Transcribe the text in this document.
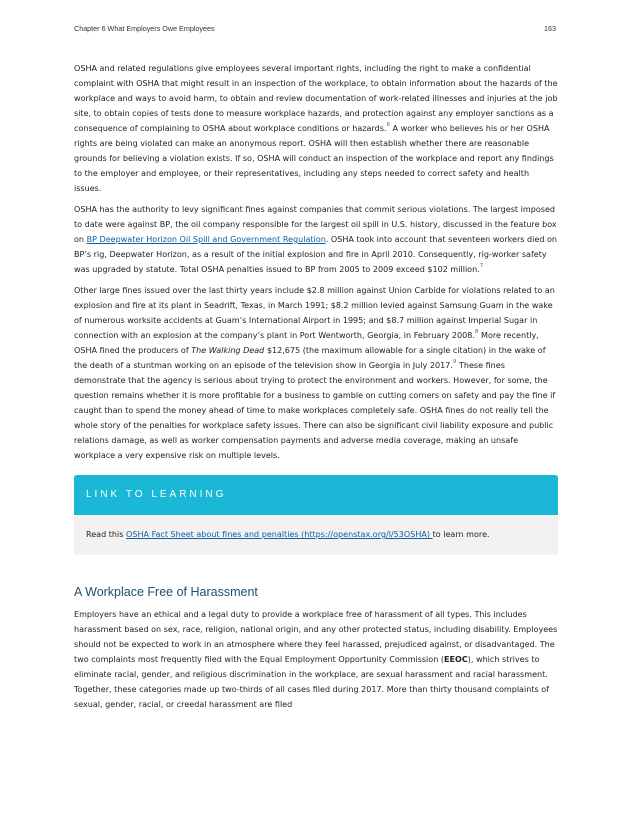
Chapter 6 What Employers Owe Employees	163

OSHA and related regulations give employees several important rights, including the right to make a confidential complaint with OSHA that might result in an inspection of the workplace, to obtain information about the hazards of the workplace and ways to avoid harm, to obtain and review documentation of work-related illnesses and injuries at the job site, to obtain copies of tests done to measure workplace hazards, and protection against any employer sanctions as a consequence of complaining to OSHA about workplace conditions or hazards.$^6$ A worker who believes his or her OSHA rights are being violated can make an anonymous report. OSHA will then establish whether there are reasonable grounds for believing a violation exists. If so, OSHA will conduct an inspection of the workplace and report any findings to the employer and employee, or their representatives, including any steps needed to correct safety and health issues.

OSHA has the authority to levy significant fines against companies that commit serious violations. The largest imposed to date were against BP, the oil company responsible for the largest oil spill in U.S. history, discussed in the feature box on BP Deepwater Horizon Oil Spill and Government Regulation. OSHA took into account that seventeen workers died on BP’s rig, Deepwater Horizon, as a result of the initial explosion and fire in April 2010. Consequently, rig-worker safety was upgraded by statute. Total OSHA penalties issued to BP from 2005 to 2009 exceed $102 million.$^7$

Other large fines issued over the last thirty years include $2.8 million against Union Carbide for violations related to an explosion and fire at its plant in Seadrift, Texas, in March 1991; $8.2 million levied against Samsung Guam in the wake of numerous worksite accidents at Guam’s International Airport in 1995; and $8.7 million against Imperial Sugar in connection with an explosion at the company’s plant in Port Wentworth, Georgia, in February 2008.$^8$ More recently, OSHA fined the producers of The Walking Dead $12,675 (the maximum allowable for a single citation) in the wake of the death of a stuntman working on an episode of the television show in Georgia in July 2017.$^9$ These fines demonstrate that the agency is serious about trying to protect the environment and workers. However, for some, the question remains whether it is more profitable for a business to gamble on cutting corners on safety and pay the fine if caught than to spend the money ahead of time to make workplaces completely safe. OSHA fines do not really tell the whole story of the penalties for workplace safety issues. There can also be significant civil liability exposure and public relations damage, as well as worker compensation payments and adverse media coverage, making an unsafe workplace a very expensive risk on multiple levels.

LINK TO LEARNING
Read this OSHA Fact Sheet about fines and penalties (https://openstax.org/l/53OSHA) to learn more.
A Workplace Free of Harassment

Employers have an ethical and a legal duty to provide a workplace free of harassment of all types. This includes harassment based on sex, race, religion, national origin, and any other protected status, including disability. Employees should not be expected to work in an atmosphere where they feel harassed, prejudiced against, or disadvantaged. The two complaints most frequently filed with the Equal Employment Opportunity Commission (EEOC), which strives to eliminate racial, gender, and religious discrimination in the workplace, are sexual harassment and racial harassment. Together, these categories made up two-thirds of all cases filed during 2017. More than thirty thousand complaints of sexual, gender, racial, or creedal harassment are filed
